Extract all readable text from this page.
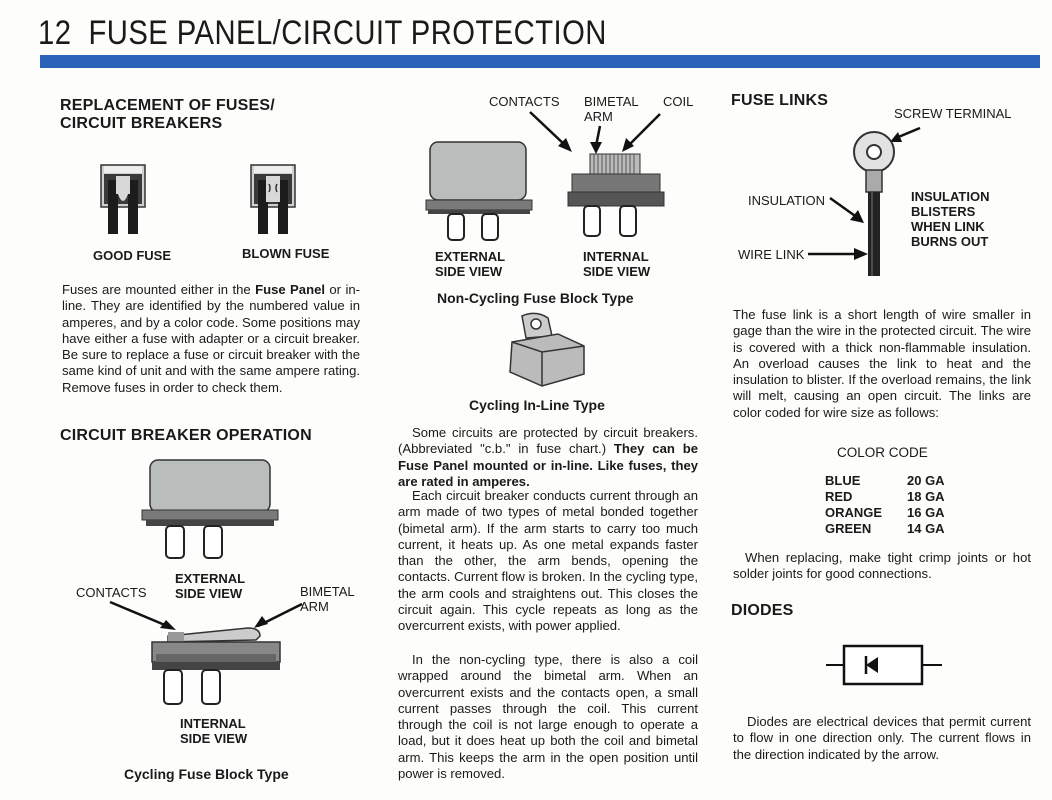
12 FUSE PANEL/CIRCUIT PROTECTION
REPLACEMENT OF FUSES/
CIRCUIT BREAKERS
GOOD FUSE	BLOWN FUSE
Fuses are mounted either in the Fuse Panel or in-line. They are identified by the numbered value in amperes, and by a color code. Some positions may have either a fuse with adapter or a circuit breaker. Be sure to replace a fuse or circuit breaker with the same kind of unit and with the same ampere rating. Remove fuses in order to check them.
CIRCUIT BREAKER OPERATION
EXTERNAL
SIDE VIEW
CONTACTS	BIMETAL
ARM
INTERNAL
SIDE VIEW
Cycling Fuse Block Type
CONTACTS BIMETAL
ARM
COIL
EXTERNAL
SIDE VIEW
INTERNAL
SIDE VIEW
Non-Cycling Fuse Block Type
Cycling In-Line Type
Some circuits are protected by circuit breakers. (Abbreviated "c.b." in fuse chart.) They can be Fuse Panel mounted or in-line. Like fuses, they are rated in amperes.
Each circuit breaker conducts current through an arm made of two types of metal bonded together (bimetal arm). If the arm starts to carry too much current, it heats up. As one metal expands faster than the other, the arm bends, opening the contacts. Current flow is broken. In the cycling type, the arm cools and straightens out. This closes the circuit again. This cycle repeats as long as the overcurrent exists, with power applied.
In the non-cycling type, there is also a coil wrapped around the bimetal arm. When an overcurrent exists and the contacts open, a small current passes through the coil. This current through the coil is not large enough to operate a load, but it does heat up both the coil and bimetal arm. This keeps the arm in the open position until power is removed.
FUSE LINKS
SCREW TERMINAL
INSULATION	INSULATION
BLISTERS
WHEN LINK
BURNS OUT
WIRE LINK
The fuse link is a short length of wire smaller in gage than the wire in the protected circuit. The wire is covered with a thick non-flammable insulation. An overload causes the link to heat and the insulation to blister. If the overload remains, the link will melt, causing an open circuit. The links are color coded for wire size as follows:
COLOR CODE
BLUE	20 GA
RED	18 GA
ORANGE	16 GA
GREEN	14 GA
When replacing, make tight crimp joints or hot solder joints for good connections.
DIODES
Diodes are electrical devices that permit current to flow in one direction only. The current flows in the direction indicated by the arrow.
